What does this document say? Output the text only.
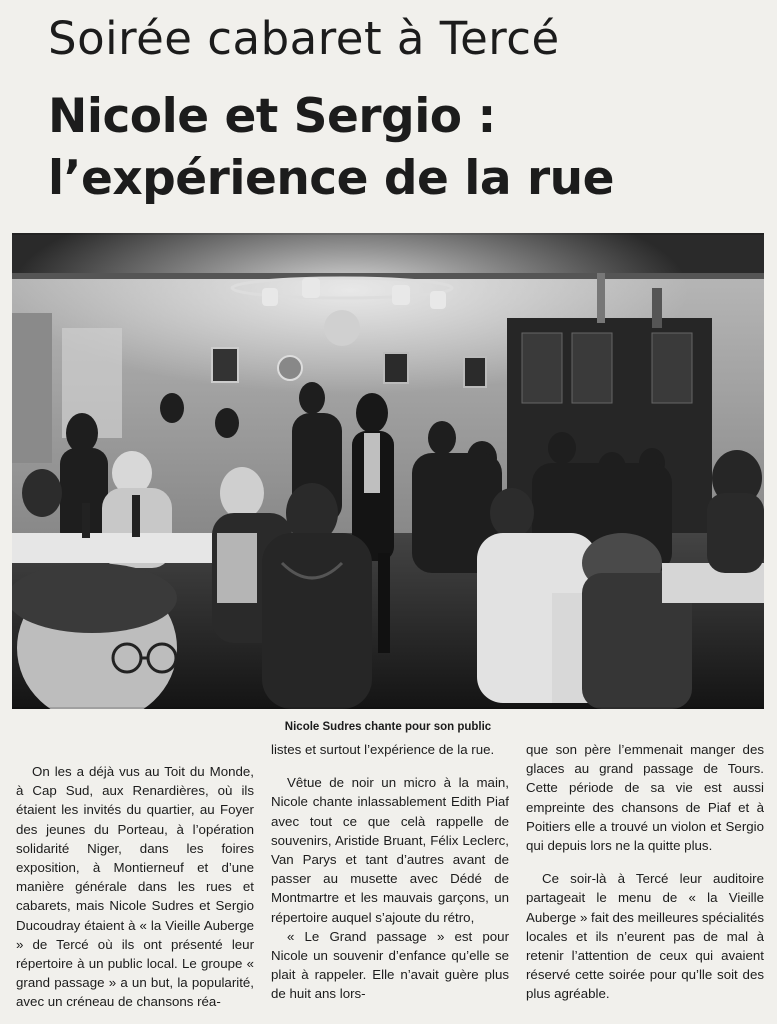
Soirée cabaret à Tercé
Nicole et Sergio :
l’expérience de la rue
Nicole Sudres chante pour son public

On les a déjà vus au Toit du Monde, à Cap Sud, aux Renardières, où ils étaient les invités du quartier, au Foyer des jeunes du Porteau, à l’opération solidarité Niger, dans les foires exposition, à Montierneuf et d’une manière générale dans les rues et cabarets, mais Nicole Sudres et Sergio Ducoudray étaient à « la Vieille Auberge » de Tercé où ils ont présenté leur répertoire à un public local. Le groupe « grand passage » a un but, la popularité, avec un créneau de chansons réa-

listes et surtout l’expérience de la rue.

Vêtue de noir un micro à la main, Nicole chante inlassablement Edith Piaf avec tout ce que celà rappelle de souvenirs, Aristide Bruant, Félix Leclerc, Van Parys et tant d’autres avant de passer au musette avec Dédé de Montmartre et les mauvais garçons, un répertoire auquel s’ajoute du rétro,

« Le Grand passage » est pour Nicole un souvenir d’enfance qu’elle se plait à rappeler. Elle n’avait guère plus de huit ans lors-

que son père l’emmenait manger des glaces au grand passage de Tours. Cette période de sa vie est aussi empreinte des chansons de Piaf et à Poitiers elle a trouvé un violon et Sergio qui depuis lors ne la quitte plus.

Ce soir-là à Tercé leur auditoire partageait le menu de « la Vieille Auberge » fait des meilleures spécialités locales et ils n’eurent pas de mal à retenir l’attention de ceux qui avaient réservé cette soirée pour qu’lle soit des plus agréable.
